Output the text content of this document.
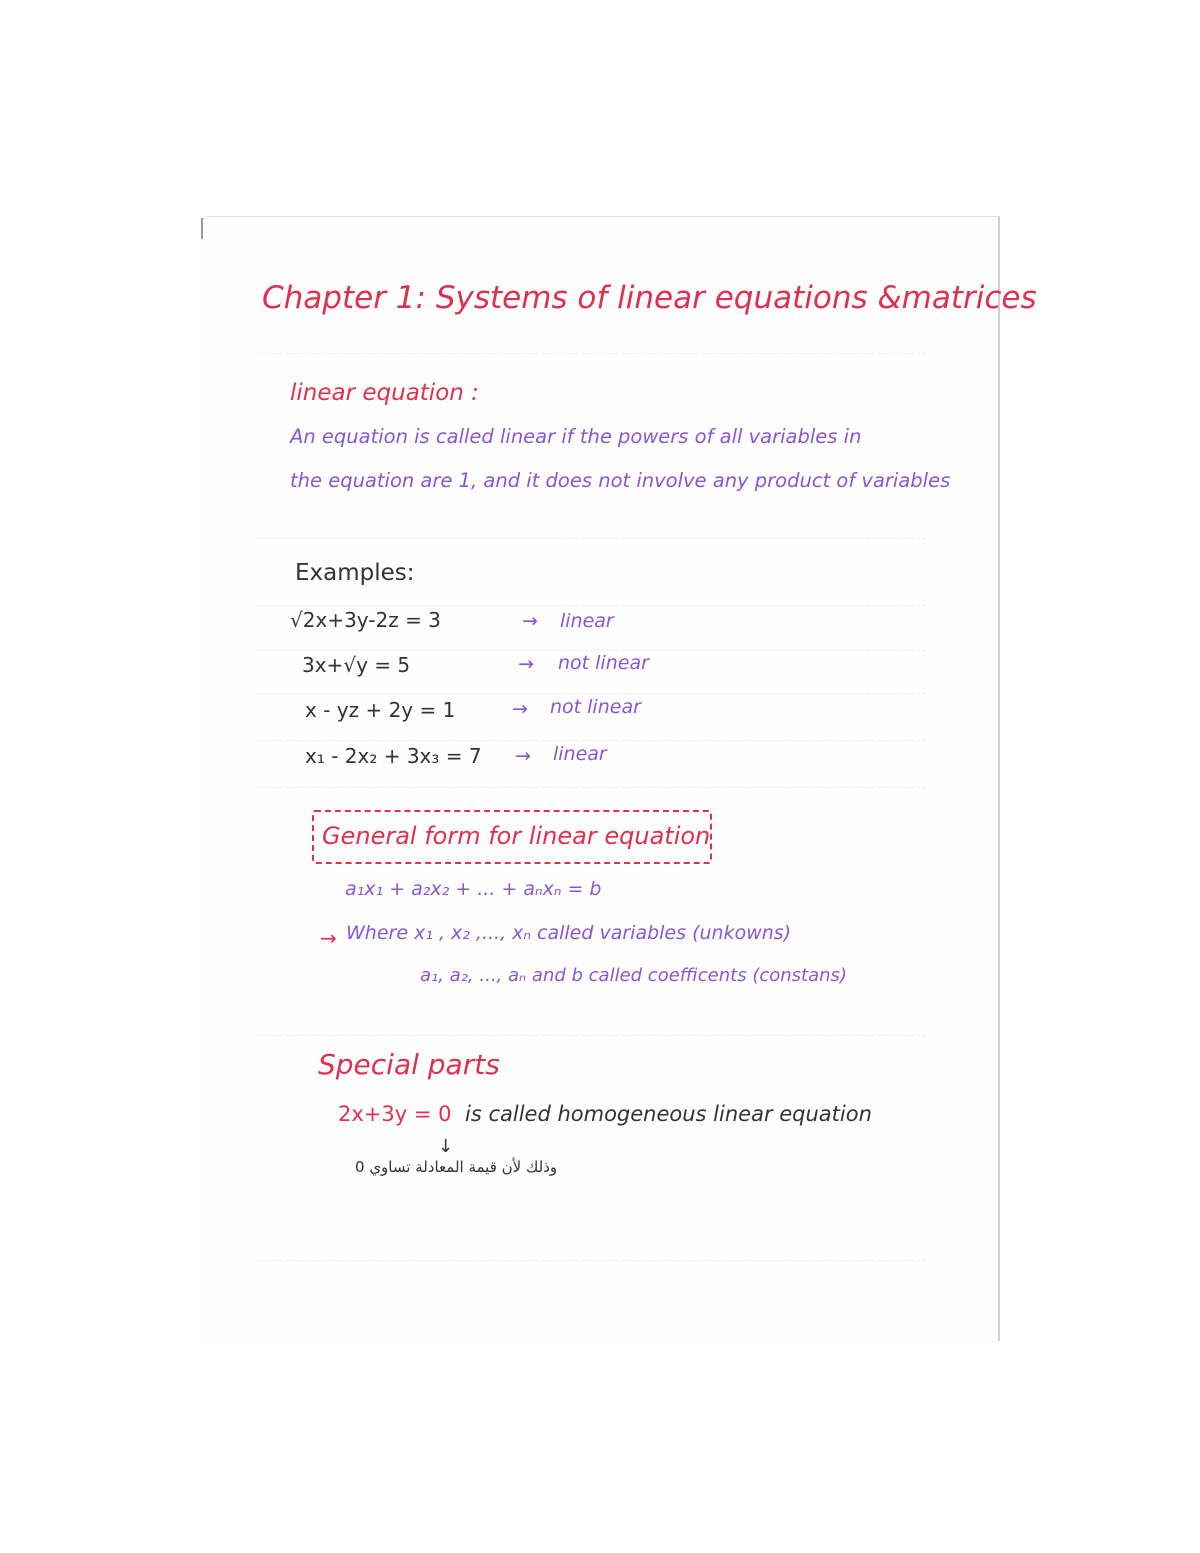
Chapter 1: Systems of linear equations &matrices
linear equation :
An equation is called linear if the powers of all variables in
the equation are 1, and it does not involve any product of variables
Examples:
√2x+3y-2z = 3	→ linear
3x+√y = 5	→ not linear
x - yz + 2y = 1	→ not linear
x₁ - 2x₂ + 3x₃ = 7 → linear
General form for linear equation
a₁x₁ + a₂x₂ + ... + aₙxₙ = b
→ Where x₁ , x₂ ,..., xₙ called variables (unkowns)
a₁, a₂, ..., aₙ and b called coefficents (constans)
Special parts
2x+3y = 0 is called homogeneous linear equation
↓
وذلك لأن قيمة المعادلة تساوي 0
